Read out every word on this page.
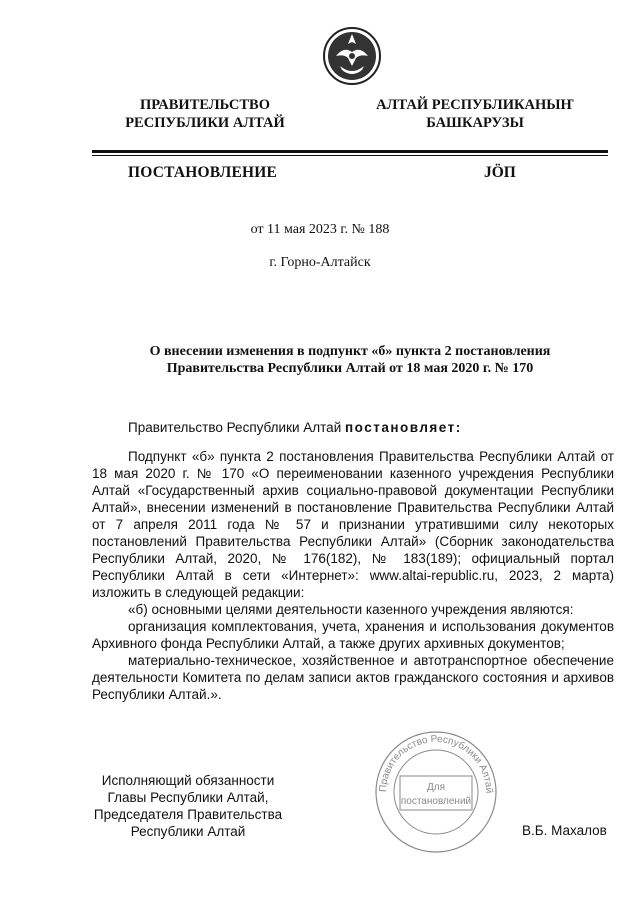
ПРАВИТЕЛЬСТВО
РЕСПУБЛИКИ АЛТАЙ
АЛТАЙ РЕСПУБЛИКАНЫҤ
БАШКАРУЗЫ
ПОСТАНОВЛЕНИЕ	JӦП
от 11 мая 2023 г. № 188
г. Горно-Алтайск
О внесении изменения в подпункт «б» пункта 2 постановления
Правительства Республики Алтай от 18 мая 2020 г. № 170
Правительство Республики Алтай постановляет:

Подпункт «б» пункта 2 постановления Правительства Республики Алтай от 18 мая 2020 г. № 170 «О переименовании казенного учреждения Республики Алтай «Государственный архив социально-правовой документации Республики Алтай», внесении изменений в постановление Правительства Республики Алтай от 7 апреля 2011 года № 57 и признании утратившими силу некоторых постановлений Правительства Республики Алтай» (Сборник законодательства Республики Алтай, 2020, № 176(182), № 183(189); официальный портал Республики Алтай в сети «Интернет»: www.altai-republic.ru, 2023, 2 марта) изложить в следующей редакции:

«б) основными целями деятельности казенного учреждения являются:

организация комплектования, учета, хранения и использования документов Архивного фонда Республики Алтай, а также других архивных документов;

материально-техническое, хозяйственное и автотранспортное обеспечение деятельности Комитета по делам записи актов гражданского состояния и архивов Республики Алтай.».

Правительство Республики Алтай
Для
постановлений
Исполняющий обязанности
Главы Республики Алтай,
Председателя Правительства
Республики Алтай	В.Б. Махалов
